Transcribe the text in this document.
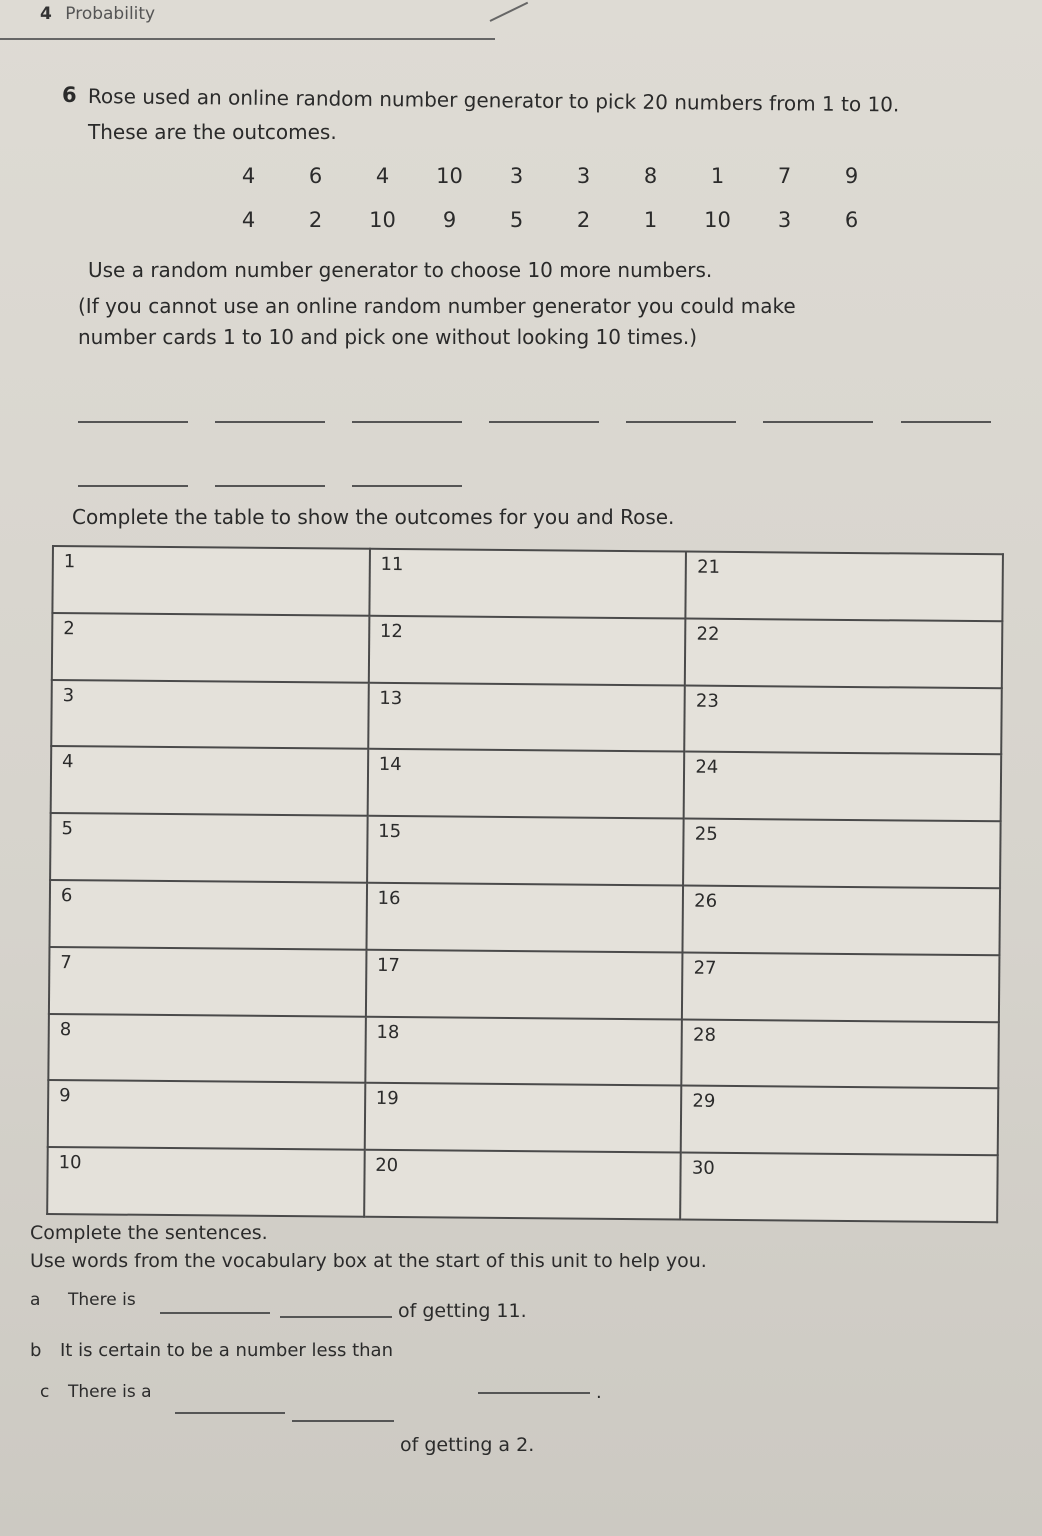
4 Probability
6 Rose used an online random number generator to pick 20 numbers from 1 to 10.
These are the outcomes.
4	6	4	10	3	3	8	1	7	9
4	2	10	9	5	2	1	10	3	6
Use a random number generator to choose 10 more numbers.
(If you cannot use an online random number generator you could make
number cards 1 to 10 and pick one without looking 10 times.)

Complete the table to show the outcomes for you and Rose.
1	11	21
2	12	22
3	13	23
4	14	24
5	15	25
6	16	26
7	17	27
8	18	28
9	19	29
10	20	30
Complete the sentences.
Use words from the vocabulary box at the start of this unit to help you.
a There is	of getting 11.
b It is certain to be a number less than
.
c There is a
of getting a 2.
